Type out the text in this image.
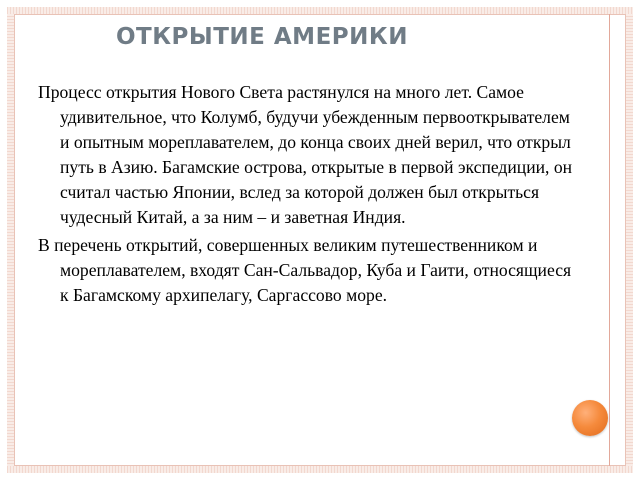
ОТКРЫТИЕ АМЕРИКИ

Процесс открытия Нового Света растянулся на много лет. Самое удивительное, что Колумб, будучи убежденным первооткрывателем и опытным мореплавателем, до конца своих дней верил, что открыл путь в Азию. Багамские острова, открытые в первой экспедиции, он считал частью Японии, вслед за которой должен был открыться чудесный Китай, а за ним – и заветная Индия.

В перечень открытий, совершенных великим путешественником и мореплавателем, входят Сан-Сальвадор, Куба и Гаити, относящиеся к Багамскому архипелагу, Саргассово море.
